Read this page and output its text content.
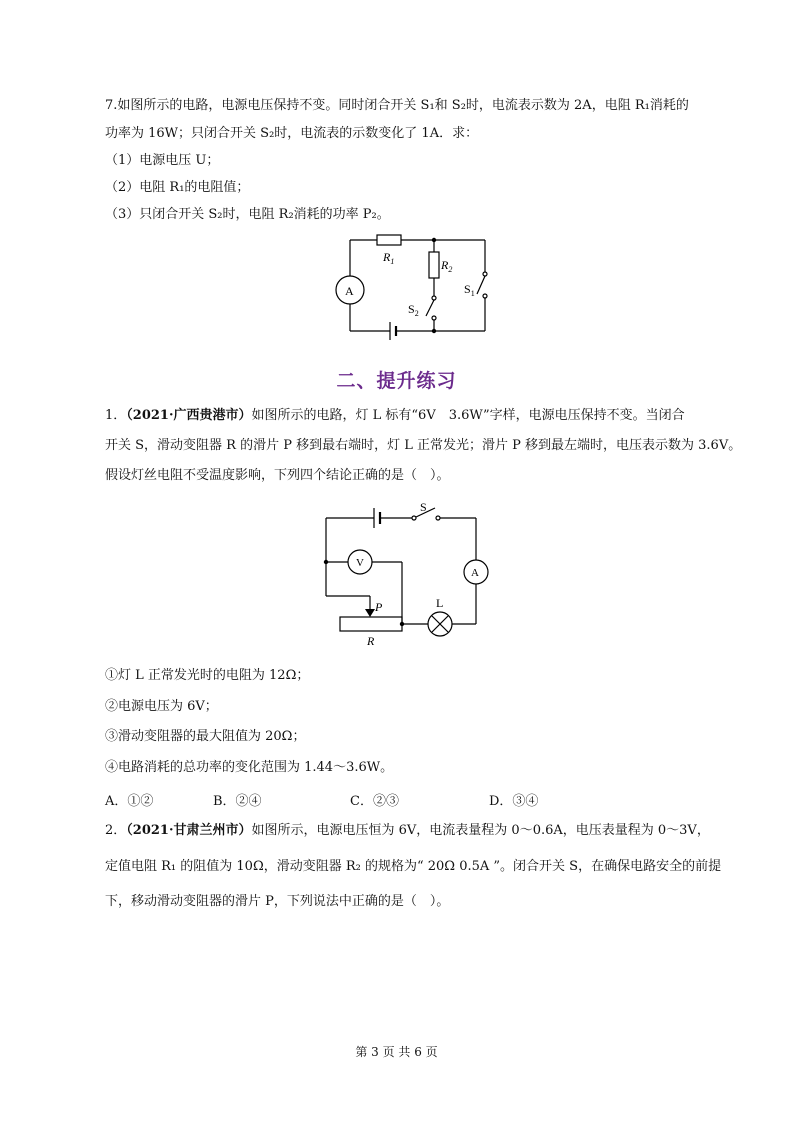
7.如图所示的电路，电源电压保持不变。同时闭合开关 S₁和 S₂时，电流表示数为 2A，电阻 R₁消耗的
功率为 16W；只闭合开关 S₂时，电流表的示数变化了 1A．求：
（1）电源电压 U；
（2）电阻 R₁的电阻值；
（3）只闭合开关 S₂时，电阻 R₂消耗的功率 P₂。
A
$R_1$	$R_2$
$S_1$
$S_2$
二、提升练习
1．（2021·广西贵港市）如图所示的电路，灯 L 标有“6V　3.6W”字样，电源电压保持不变。当闭合
开关 S，滑动变阻器 R 的滑片 P 移到最右端时，灯 L 正常发光；滑片 P 移到最左端时，电压表示数为 3.6V。
假设灯丝电阻不受温度影响，下列四个结论正确的是（　）。
V
A
S
P
R
L
①灯 L 正常发光时的电阻为 12Ω；
②电源电压为 6V；
③滑动变阻器的最大阻值为 20Ω；
④电路消耗的总功率的变化范围为 1.44～3.6W。
A．①②	B．②④	C．②③	D．③④
2．（2021·甘肃兰州市）如图所示，电源电压恒为 6V，电流表量程为 0～0.6A，电压表量程为 0～3V，
定值电阻 R₁ 的阻值为 10Ω，滑动变阻器 R₂ 的规格为“ 20Ω 0.5A ”。闭合开关 S，在确保电路安全的前提
下，移动滑动变阻器的滑片 P，下列说法中正确的是（　）。
第 3 页 共 6 页
